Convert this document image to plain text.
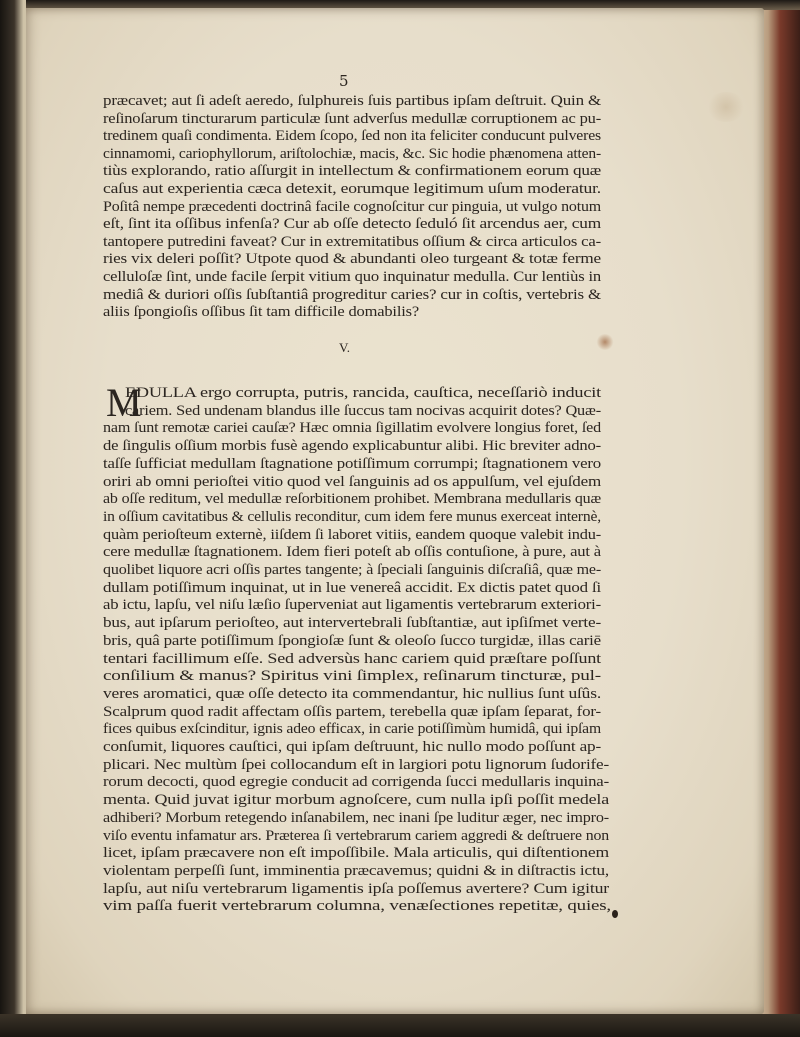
5
præcavet; aut ſi adeſt aeredo, ſulphureis ſuis partibus ipſam deſtruit. Quin &
reſinoſarum tincturarum particulæ ſunt adverſus medullæ corruptionem ac pu-
tredinem quaſi condimenta. Eidem ſcopo, ſed non ita feliciter conducunt pulveres
cinnamomi, cariophyllorum, ariſtolochiæ, macis, &c. Sic hodie phænomena atten-
tiùs explorando, ratio aſſurgit in intellectum & confirmationem eorum quæ
caſus aut experientia cæca detexit, eorumque legitimum uſum moderatur.
Poſitâ nempe præcedenti doctrinâ facile cognoſcitur cur pinguia, ut vulgo notum
eſt, ſint ita oſſibus infenſa? Cur ab oſſe detecto ſeduló ſit arcendus aer, cum
tantopere putredini faveat? Cur in extremitatibus oſſium & circa articulos ca-
ries vix deleri poſſit? Utpote quod & abundanti oleo turgeant & totæ ferme
celluloſæ ſint, unde facile ſerpit vitium quo inquinatur medulla. Cur lentiùs in
mediâ & duriori oſſis ſubſtantiâ progreditur caries? cur in coſtis, vertebris &
aliis ſpongioſis oſſibus ſit tam difficile domabilis?
V.
M
EDULLA ergo corrupta, putris, rancida, cauſtica, neceſſariò inducit
cariem. Sed undenam blandus ille ſuccus tam nocivas acquirit dotes? Quæ-
nam ſunt remotæ cariei cauſæ? Hæc omnia ſigillatim evolvere longius foret, ſed
de ſingulis oſſium morbis fusè agendo explicabuntur alibi. Hic breviter adno-
taſſe ſufficiat medullam ſtagnatione potiſſimum corrumpi; ſtagnationem vero
oriri ab omni perioſtei vitio quod vel ſanguinis ad os appulſum, vel ejuſdem
ab oſſe reditum, vel medullæ reſorbitionem prohibet. Membrana medullaris quæ
in oſſium cavitatibus & cellulis reconditur, cum idem fere munus exerceat internè,
quàm perioſteum externè, iiſdem ſi laboret vitiis, eandem quoque valebit indu-
cere medullæ ſtagnationem. Idem fieri poteſt ab oſſis contuſione, à pure, aut à
quolibet liquore acri oſſis partes tangente; à ſpeciali ſanguinis diſcraſiâ, quæ me-
dullam potiſſimum inquinat, ut in lue venereâ accidit. Ex dictis patet quod ſi
ab ictu, lapſu, vel niſu læſio ſuperveniat aut ligamentis vertebrarum exteriori-
bus, aut ipſarum perioſteo, aut intervertebrali ſubſtantiæ, aut ipſiſmet verte-
bris, quâ parte potiſſimum ſpongioſæ ſunt & oleoſo ſucco turgidæ, illas cariē
tentari facillimum eſſe. Sed adversùs hanc cariem quid præſtare poſſunt
conſilium & manus? Spiritus vini ſimplex, reſinarum tincturæ, pul-
veres aromatici, quæ oſſe detecto ita commendantur, hic nullius ſunt uſûs.
Scalprum quod radit affectam oſſis partem, terebella quæ ipſam ſeparat, for-
fices quibus exſcinditur, ignis adeo efficax, in carie potiſſimùm humidâ, qui ipſam
conſumit, liquores cauſtici, qui ipſam deſtruunt, hic nullo modo poſſunt ap-
plicari. Nec multùm ſpei collocandum eſt in largiori potu lignorum ſudorife-
rorum decocti, quod egregie conducit ad corrigenda ſucci medullaris inquina-
menta. Quid juvat igitur morbum agnoſcere, cum nulla ipſi poſſit medela
adhiberi? Morbum retegendo inſanabilem, nec inani ſpe luditur æger, nec impro-
viſo eventu infamatur ars. Præterea ſi vertebrarum cariem aggredi & deſtruere non
licet, ipſam præcavere non eſt impoſſibile. Mala articulis, qui diſtentionem
violentam perpeſſi ſunt, imminentia præcavemus; quidni & in diſtractis ictu,
lapſu, aut niſu vertebrarum ligamentis ipſa poſſemus avertere? Cum igitur
vim paſſa fuerit vertebrarum columna, venæſectiones repetitæ, quies,
